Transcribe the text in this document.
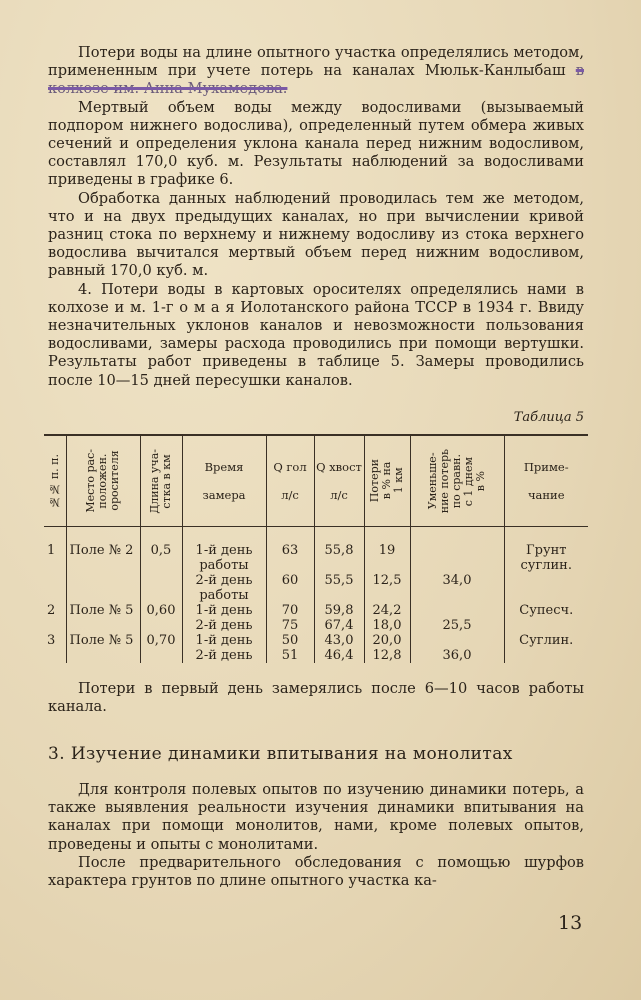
Потери воды на длине опытного участка определялись методом, примененным при учете потерь на каналах Мюльк-Канлыбаш в колхозе им. Анна Мухамедова.

Мертвый объем воды между водосливами (вызываемый подпором нижнего водослива), определенный путем обмера живых сечений и определения уклона канала перед нижним водосливом, составлял 170,0 куб. м. Результаты наблюдений за водосливами приведены в графике 6.

Обработка данных наблюдений проводилась тем же методом, что и на двух предыдущих каналах, но при вычислении кривой разниц стока по верхнему и нижнему водосливу из стока верхнего водослива вычитался мертвый объем перед нижним водосливом, равный 170,0 куб. м.

4. Потери воды в картовых оросителях определялись нами в колхозе и м. 1-г о м а я Иолотанского района ТССР в 1934 г. Ввиду незначительных уклонов каналов и невозможности пользования водосливами, замеры расхода проводились при помощи вертушки. Результаты работ приведены в таблице 5. Замеры проводились после 10—15 дней пересушки каналов.

Таблица 5
№№ п. п.	Место рас-
положен.
оросителя	Длина уча-
стка в км	Время

замера	Q гол

л/с	Q хвост

л/с	Потери
в % на
1 км	Уменьше-
ние потерь
по сравн.
с 1 днем
в %	Приме-

чание

1	Поле № 2	0,5	1-й день работы	63	55,8	19		Грунт суглин.
			2-й день работы	60	55,5	12,5	34,0	
2	Поле № 5	0,60	1-й день	70	59,8	24,2		Супесч.
			2-й день	75	67,4	18,0	25,5	
3	Поле № 5	0,70	1-й день	50	43,0	20,0		Суглин.
			2-й день	51	46,4	12,8	36,0	

Потери в первый день замерялись после 6—10 часов работы канала.

3. Изучение динамики впитывания на монолитах

Для контроля полевых опытов по изучению динамики потерь, а также выявления реальности изучения динамики впитывания на каналах при помощи монолитов, нами, кроме полевых опытов, проведены и опыты с монолитами.

После предварительного обследования с помощью шурфов характера грунтов по длине опытного участка ка-

13
